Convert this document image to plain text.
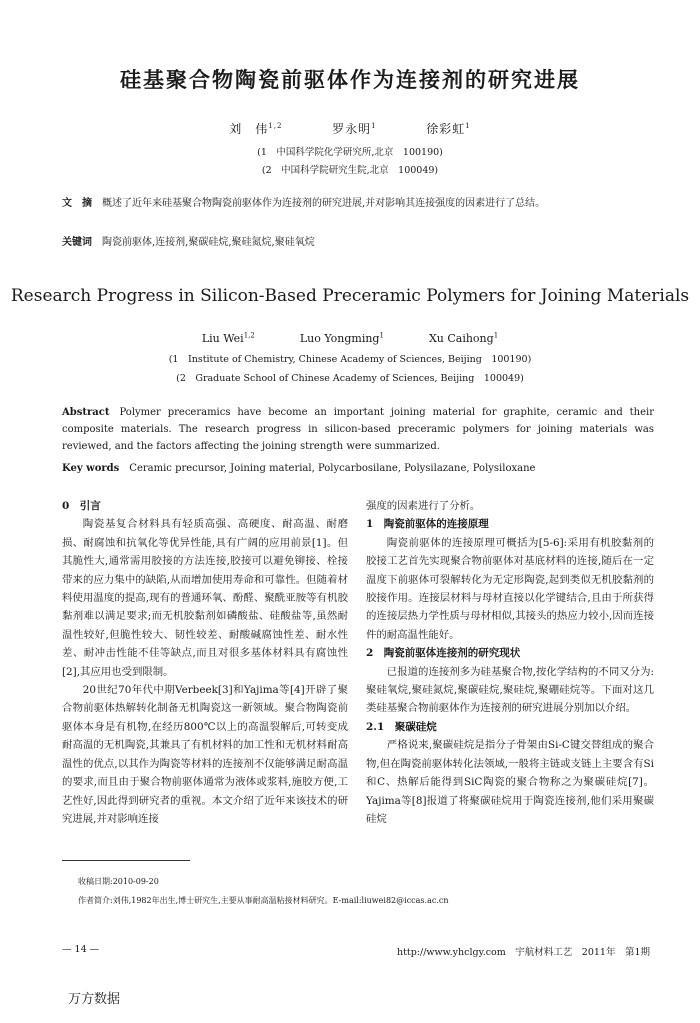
硅基聚合物陶瓷前驱体作为连接剂的研究进展
刘　伟$^{1,2}$	罗永明$^1$	徐彩虹$^1$
(1　中国科学院化学研究所,北京　100190)
(2　中国科学院研究生院,北京　100049)
文　摘 概述了近年来硅基聚合物陶瓷前驱体作为连接剂的研究进展,并对影响其连接强度的因素进行了总结。
关键词 陶瓷前驱体,连接剂,聚碳硅烷,聚硅氮烷,聚硅氧烷
Research Progress in Silicon-Based Preceramic Polymers for Joining Materials
Liu Wei$^{1,2}$	Luo Yongming$^1$	Xu Caihong$^1$
(1　Institute of Chemistry, Chinese Academy of Sciences, Beijing　100190)
(2　Graduate School of Chinese Academy of Sciences, Beijing　100049)
Abstract Polymer preceramics have become an important joining material for graphite, ceramic and their composite materials. The research progress in silicon-based preceramic polymers for joining materials was reviewed, and the factors affecting the joining strength were summarized.
Key words Ceramic precursor, Joining material, Polycarbosilane, Polysilazane, Polysiloxane
0　引言

陶瓷基复合材料具有轻质高强、高硬度、耐高温、耐磨损、耐腐蚀和抗氧化等优异性能,具有广阔的应用前景[1]。但其脆性大,通常需用胶接的方法连接,胶接可以避免铆接、栓接带来的应力集中的缺陷,从而增加使用寿命和可靠性。但随着材料使用温度的提高,现有的普通环氧、酚醛、聚酰亚胺等有机胶黏剂难以满足要求;而无机胶黏剂如磷酸盐、硅酸盐等,虽然耐温性较好,但脆性较大、韧性较差、耐酸碱腐蚀性差、耐水性差、耐冲击性能不佳等缺点,而且对很多基体材料具有腐蚀性[2],其应用也受到限制。

20世纪70年代中期Verbeek[3]和Yajima等[4]开辟了聚合物前驱体热解转化制备无机陶瓷这一新领域。聚合物陶瓷前驱体本身是有机物,在经历800℃以上的高温裂解后,可转变成耐高温的无机陶瓷,其兼具了有机材料的加工性和无机材料耐高温性的优点,以其作为陶瓷等材料的连接剂不仅能够满足耐高温的要求,而且由于聚合物前驱体通常为液体或浆料,施胶方便,工艺性好,因此得到研究者的重视。本文介绍了近年来该技术的研究进展,并对影响连接

强度的因素进行了分析。
1　陶瓷前驱体的连接原理

陶瓷前驱体的连接原理可概括为[5-6]:采用有机胶黏剂的胶接工艺首先实现聚合物前驱体对基底材料的连接,随后在一定温度下前驱体可裂解转化为无定形陶瓷,起到类似无机胶黏剂的胶接作用。连接层材料与母材直接以化学键结合,且由于所获得的连接层热力学性质与母材相似,其接头的热应力较小,因而连接件的耐高温性能好。

2　陶瓷前驱体连接剂的研究现状

已报道的连接剂多为硅基聚合物,按化学结构的不同又分为:聚硅氧烷,聚硅氮烷,聚碳硅烷,聚硅烷,聚硼硅烷等。下面对这几类硅基聚合物前驱体作为连接剂的研究进展分别加以介绍。

2.1　聚碳硅烷

严格说来,聚碳硅烷是指分子骨架由Si-C键交替组成的聚合物,但在陶瓷前驱体转化法领域,一般将主链或支链上主要含有Si和C、热解后能得到SiC陶瓷的聚合物称之为聚碳硅烷[7]。Yajima等[8]报道了将聚碳硅烷用于陶瓷连接剂,他们采用聚碳硅烷

收稿日期:2010-09-20
作者简介:刘伟,1982年出生,博士研究生,主要从事耐高温粘接材料研究。E-mail:liuwei82@iccas.ac.cn
— 14 —	http://www.yhclgy.com　宇航材料工艺　2011年　第1期
万方数据
